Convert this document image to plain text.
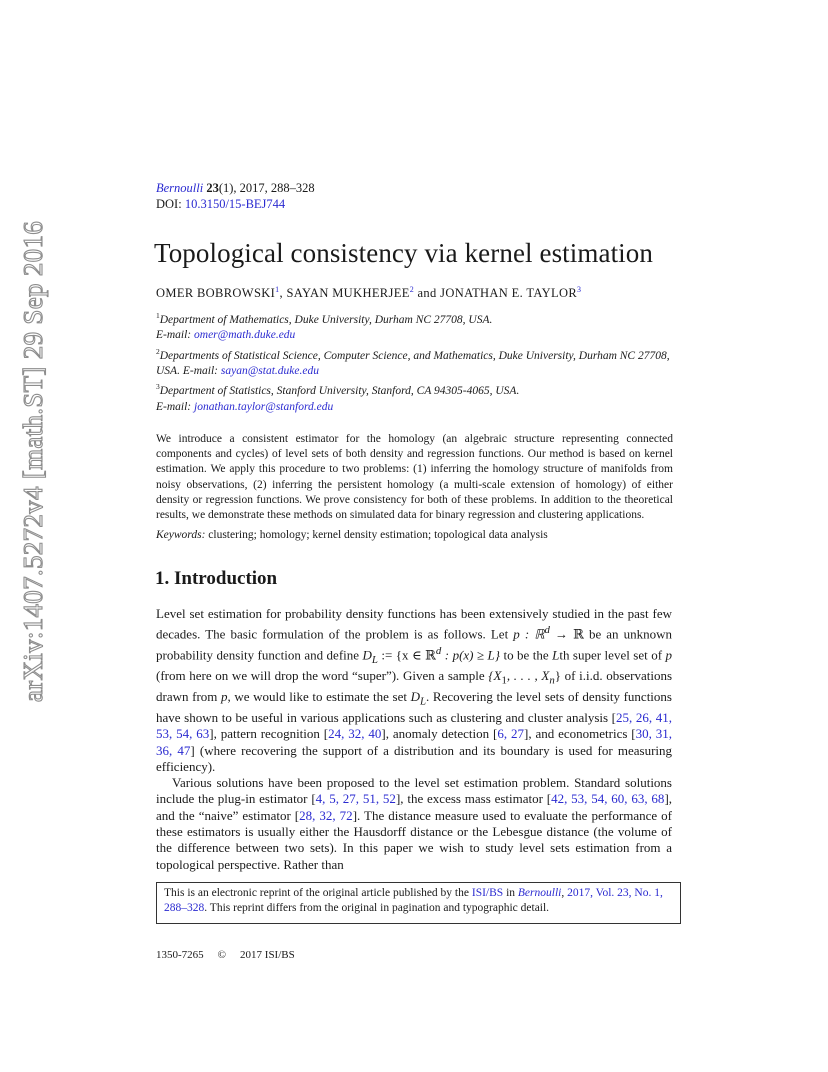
arXiv:1407.5272v4 [math.ST] 29 Sep 2016
Bernoulli 23(1), 2017, 288–328
DOI: 10.3150/15-BEJ744
Topological consistency via kernel estimation
OMER BOBROWSKI$^1$, SAYAN MUKHERJEE$^2$ and JONATHAN E. TAYLOR$^3$

$^1$Department of Mathematics, Duke University, Durham NC 27708, USA.
E-mail: omer@math.duke.edu

$^2$Departments of Statistical Science, Computer Science, and Mathematics, Duke University, Durham NC 27708, USA. E-mail: sayan@stat.duke.edu

$^3$Department of Statistics, Stanford University, Stanford, CA 94305-4065, USA.
E-mail: jonathan.taylor@stanford.edu

We introduce a consistent estimator for the homology (an algebraic structure representing connected components and cycles) of level sets of both density and regression functions. Our method is based on kernel estimation. We apply this procedure to two problems: (1) inferring the homology structure of manifolds from noisy observations, (2) inferring the persistent homology (a multi-scale extension of homology) of either density or regression functions. We prove consistency for both of these problems. In addition to the theoretical results, we demonstrate these methods on simulated data for binary regression and clustering applications.

Keywords: clustering; homology; kernel density estimation; topological data analysis
1. Introduction

Level set estimation for probability density functions has been extensively studied in the past few decades. The basic formulation of the problem is as follows. Let p : ℝ$^d$ → ℝ be an unknown probability density function and define $D_L$ := {x ∈ ℝ$^d$ : p(x) ≥ L} to be the Lth super level set of p (from here on we will drop the word “super”). Given a sample {$X_1$, . . . , $X_n$} of i.i.d. observations drawn from p, we would like to estimate the set $D_L$. Recovering the level sets of density functions have shown to be useful in various applications such as clustering and cluster analysis [25, 26, 41, 53, 54, 63], pattern recognition [24, 32, 40], anomaly detection [6, 27], and econometrics [30, 31, 36, 47] (where recovering the support of a distribution and its boundary is used for measuring efficiency).

Various solutions have been proposed to the level set estimation problem. Standard solutions include the plug-in estimator [4, 5, 27, 51, 52], the excess mass estimator [42, 53, 54, 60, 63, 68], and the “naive” estimator [28, 32, 72]. The distance measure used to evaluate the performance of these estimators is usually either the Hausdorff distance or the Lebesgue distance (the volume of the difference between two sets). In this paper we wish to study level sets estimation from a topological perspective. Rather than

This is an electronic reprint of the original article published by the ISI/BS in Bernoulli, 2017, Vol. 23, No. 1, 288–328. This reprint differs from the original in pagination and typographic detail.
1350-7265 © 2017 ISI/BS
